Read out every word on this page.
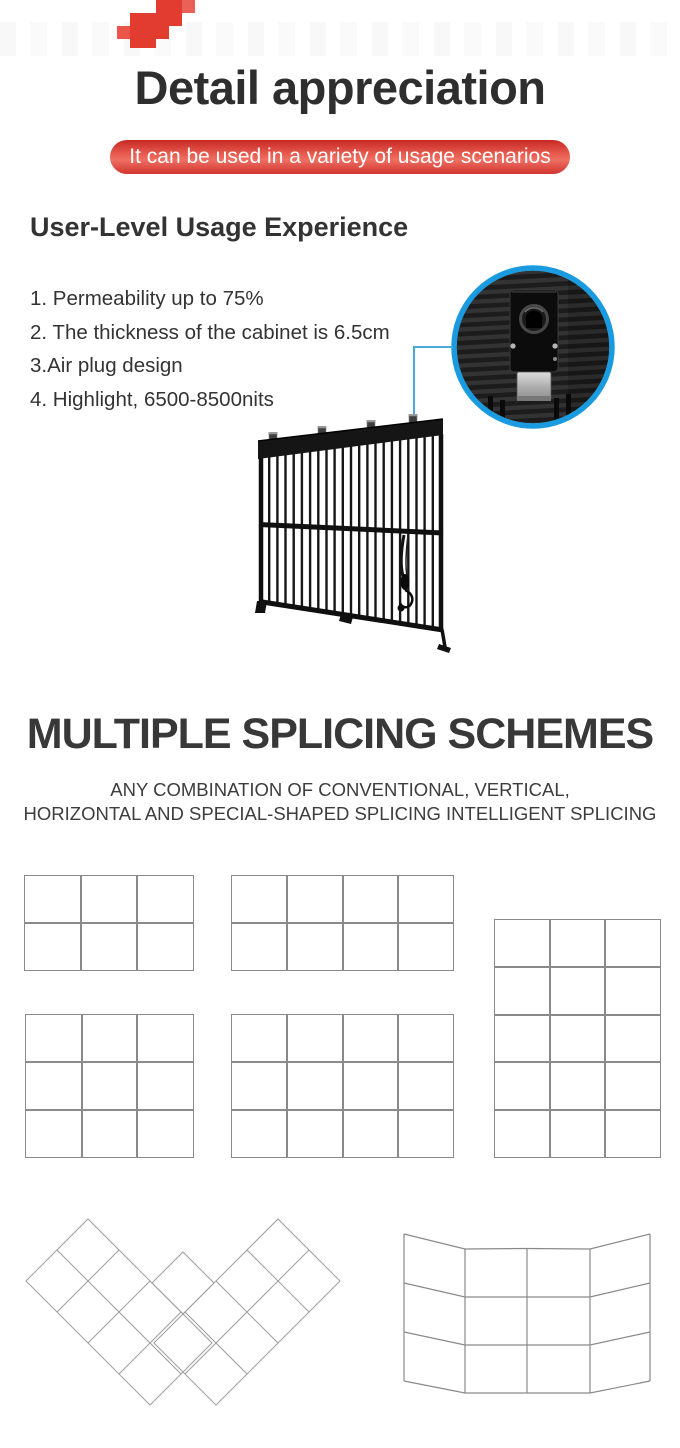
Detail appreciation
It can be used in a variety of usage scenarios
User-Level Usage Experience
1. Permeability up to 75%
2. The thickness of the cabinet is 6.5cm
3.Air plug design
4. Highlight, 6500-8500nits
MULTIPLE SPLICING SCHEMES
ANY COMBINATION OF CONVENTIONAL, VERTICAL,
HORIZONTAL AND SPECIAL-SHAPED SPLICING INTELLIGENT SPLICING
